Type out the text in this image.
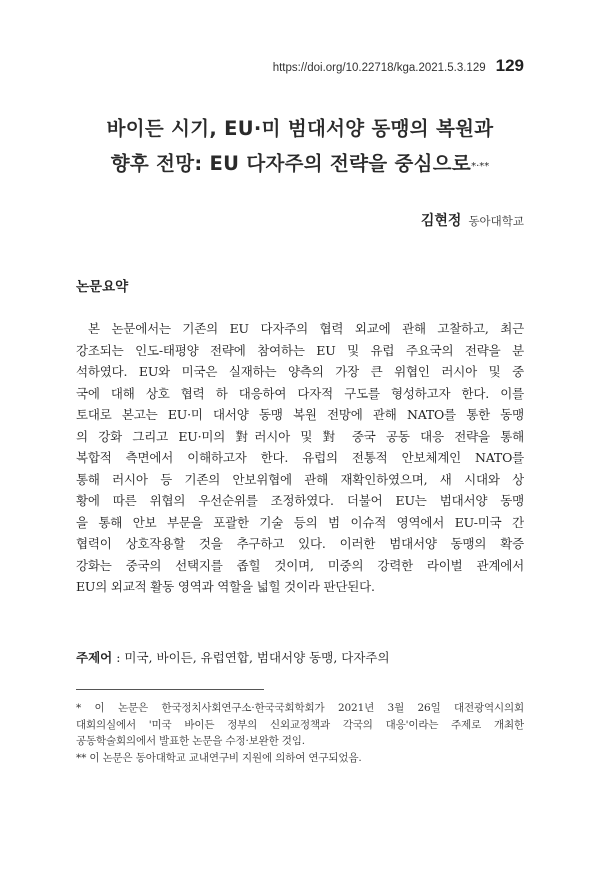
https://doi.org/10.22718/kga.2021.5.3.129 129
바이든 시기, EU·미 범대서양 동맹의 복원과
향후 전망: EU 다자주의 전략을 중심으로*·**
김현정 동아대학교
논문요약
본 논문에서는 기존의 EU 다자주의 협력 외교에 관해 고찰하고, 최근
강조되는 인도-태평양 전략에 참여하는 EU 및 유럽 주요국의 전략을 분
석하였다. EU와 미국은 실재하는 양측의 가장 큰 위협인 러시아 및 중
국에 대해 상호 협력 하 대응하여 다자적 구도를 형성하고자 한다. 이를
토대로 본고는 EU·미 대서양 동맹 복원 전망에 관해 NATO를 통한 동맹
의 강화 그리고 EU·미의 對러시아 및 對 중국 공동 대응 전략을 통해
복합적 측면에서 이해하고자 한다. 유럽의 전통적 안보체계인 NATO를
통해 러시아 등 기존의 안보위협에 관해 재확인하였으며, 새 시대와 상
황에 따른 위협의 우선순위를 조정하였다. 더불어 EU는 범대서양 동맹
을 통해 안보 부문을 포괄한 기술 등의 범 이슈적 영역에서 EU-미국 간
협력이 상호작용할 것을 추구하고 있다. 이러한 범대서양 동맹의 확증
강화는 중국의 선택지를 좁힐 것이며, 미중의 강력한 라이벌 관계에서
EU의 외교적 활동 영역과 역할을 넓힐 것이라 판단된다.
주제어 : 미국, 바이든, 유럽연합, 범대서양 동맹, 다자주의
* 이 논문은 한국정치사회연구소·한국국회학회가 2021년 3월 26일 대전광역시의회
대회의실에서 '미국 바이든 정부의 신외교정책과 각국의 대응'이라는 주제로 개최한
공동학술회의에서 발표한 논문을 수정·보완한 것임.
** 이 논문은 동아대학교 교내연구비 지원에 의하여 연구되었음.
